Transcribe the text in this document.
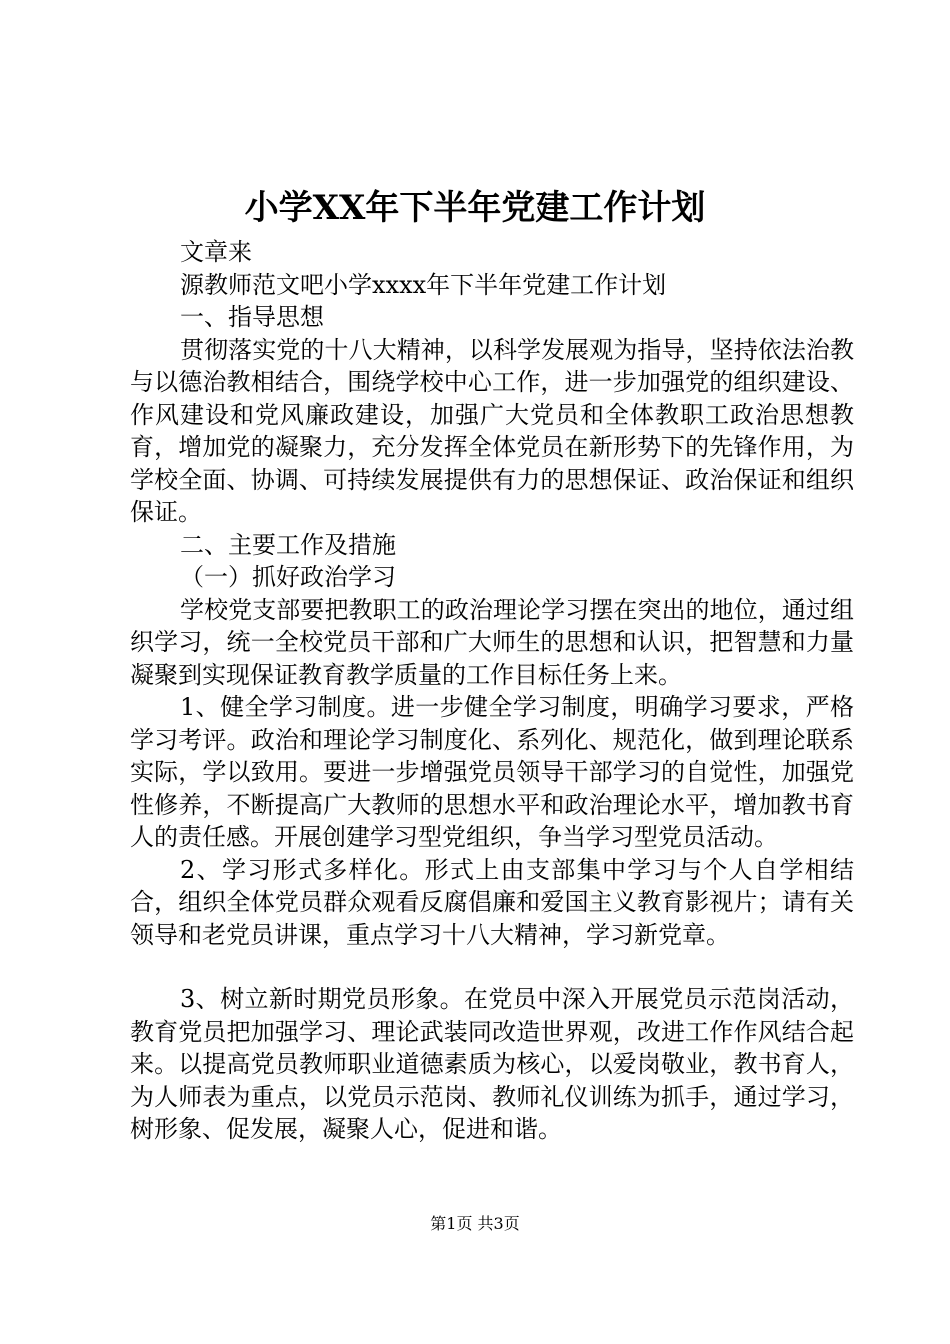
小学XX年下半年党建工作计划

文章来

源教师范文吧小学xxxx年下半年党建工作计划

一、指导思想

贯彻落实党的十八大精神，以科学发展观为指导，坚持依法治教与以德治教相结合，围绕学校中心工作，进一步加强党的组织建设、作风建设和党风廉政建设，加强广大党员和全体教职工政治思想教育，增加党的凝聚力，充分发挥全体党员在新形势下的先锋作用，为学校全面、协调、可持续发展提供有力的思想保证、政治保证和组织保证。

二、主要工作及措施

（一）抓好政治学习

学校党支部要把教职工的政治理论学习摆在突出的地位，通过组织学习，统一全校党员干部和广大师生的思想和认识，把智慧和力量凝聚到实现保证教育教学质量的工作目标任务上来。

1、健全学习制度。进一步健全学习制度，明确学习要求，严格学习考评。政治和理论学习制度化、系列化、规范化，做到理论联系实际，学以致用。要进一步增强党员领导干部学习的自觉性，加强党性修养，不断提高广大教师的思想水平和政治理论水平，增加教书育人的责任感。开展创建学习型党组织，争当学习型党员活动。

2、学习形式多样化。形式上由支部集中学习与个人自学相结合，组织全体党员群众观看反腐倡廉和爱国主义教育影视片；请有关领导和老党员讲课，重点学习十八大精神，学习新党章。

3、树立新时期党员形象。在党员中深入开展党员示范岗活动，教育党员把加强学习、理论武装同改造世界观，改进工作作风结合起来。以提高党员教师职业道德素质为核心，以爱岗敬业，教书育人，为人师表为重点，以党员示范岗、教师礼仪训练为抓手，通过学习，树形象、促发展，凝聚人心，促进和谐。

第1页 共3页
